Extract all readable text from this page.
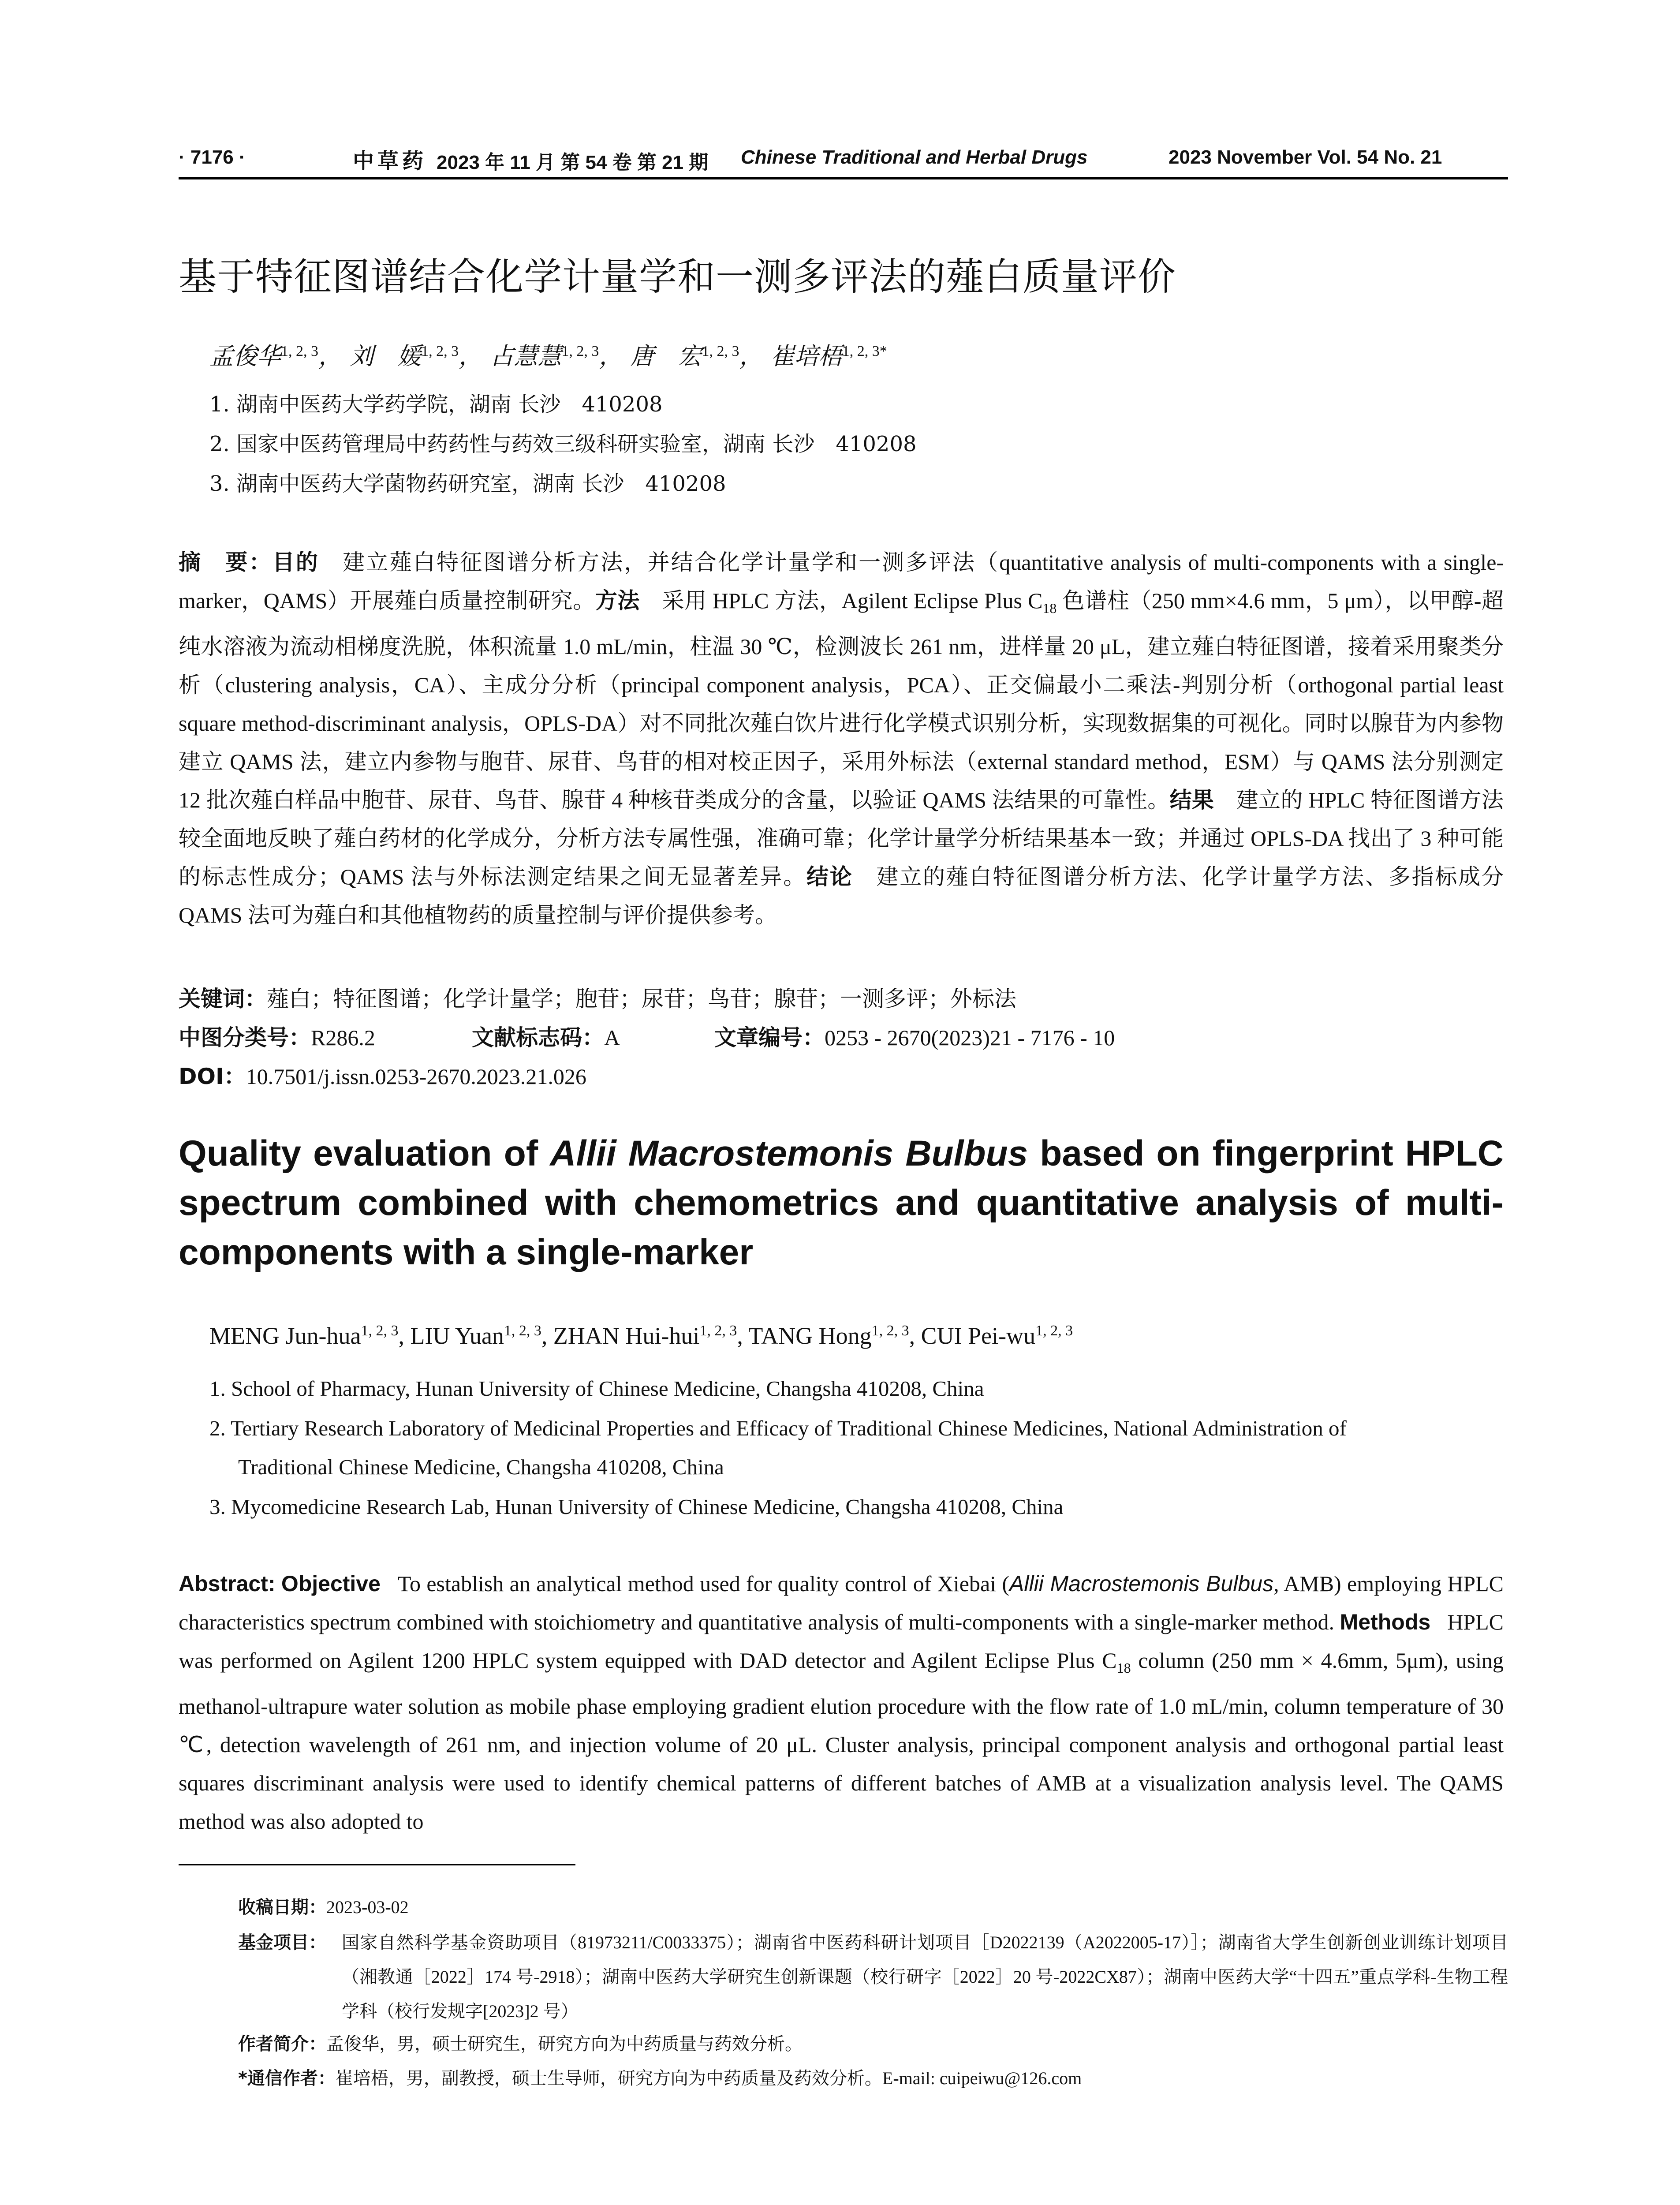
· 7176 ·	中草药 2023 年 11 月 第 54 卷 第 21 期 Chinese Traditional and Herbal Drugs	2023 November Vol. 54 No. 21
基于特征图谱结合化学计量学和一测多评法的薤白质量评价
孟俊华$^{1, 2, 3}$， 刘　媛$^{1, 2, 3}$， 占慧慧$^{1, 2, 3}$， 唐　宏$^{1, 2, 3}$， 崔培梧$^{1, 2, 3*}$
1. 湖南中医药大学药学院，湖南 长沙　410208
2. 国家中医药管理局中药药性与药效三级科研实验室，湖南 长沙　410208
3. 湖南中医药大学菌物药研究室，湖南 长沙　410208
摘　要：目的　 建立薤白特征图谱分析方法，并结合化学计量学和一测多评法（quantitative analysis of multi-components with a single-marker，QAMS）开展薤白质量控制研究。方法　 采用 HPLC 方法，Agilent Eclipse Plus $C_{18}$ 色谱柱（250 mm×4.6 mm，5 μm），以甲醇-超纯水溶液为流动相梯度洗脱，体积流量 1.0 mL/min，柱温 30 ℃，检测波长 261 nm，进样量 20 μL，建立薤白特征图谱，接着采用聚类分析（clustering analysis，CA）、主成分分析（principal component analysis，PCA）、正交偏最小二乘法-判别分析（orthogonal partial least square method-discriminant analysis，OPLS-DA）对不同批次薤白饮片进行化学模式识别分析，实现数据集的可视化。同时以腺苷为内参物建立 QAMS 法，建立内参物与胞苷、尿苷、鸟苷的相对校正因子，采用外标法（external standard method，ESM）与 QAMS 法分别测定 12 批次薤白样品中胞苷、尿苷、鸟苷、腺苷 4 种核苷类成分的含量，以验证 QAMS 法结果的可靠性。结果　 建立的 HPLC 特征图谱方法较全面地反映了薤白药材的化学成分，分析方法专属性强，准确可靠；化学计量学分析结果基本一致；并通过 OPLS-DA 找出了 3 种可能的标志性成分；QAMS 法与外标法测定结果之间无显著差异。结论　 建立的薤白特征图谱分析方法、化学计量学方法、多指标成分 QAMS 法可为薤白和其他植物药的质量控制与评价提供参考。
关键词：薤白；特征图谱；化学计量学；胞苷；尿苷；鸟苷；腺苷；一测多评；外标法
中图分类号：R286.2	文献标志码：A	文章编号：0253 - 2670(2023)21 - 7176 - 10
DOI：10.7501/j.issn.0253-2670.2023.21.026
Quality evaluation of Allii Macrostemonis Bulbus based on fingerprint HPLC spectrum combined with chemometrics and quantitative analysis of multi-components with a single-marker
MENG Jun-hua$^{1, 2, 3}$, LIU Yuan$^{1, 2, 3}$, ZHAN Hui-hui$^{1, 2, 3}$, TANG Hong$^{1, 2, 3}$, CUI Pei-wu$^{1, 2, 3}$
1. School of Pharmacy, Hunan University of Chinese Medicine, Changsha 410208, China
2. Tertiary Research Laboratory of Medicinal Properties and Efficacy of Traditional Chinese Medicines, National Administration of
Traditional Chinese Medicine, Changsha 410208, China
3. Mycomedicine Research Lab, Hunan University of Chinese Medicine, Changsha 410208, China
Abstract: Objective To establish an analytical method used for quality control of Xiebai (Allii Macrostemonis Bulbus, AMB) employing HPLC characteristics spectrum combined with stoichiometry and quantitative analysis of multi-components with a single-marker method. Methods HPLC was performed on Agilent 1200 HPLC system equipped with DAD detector and Agilent Eclipse Plus $C_{18}$ column (250 mm × 4.6mm, 5μm), using methanol-ultrapure water solution as mobile phase employing gradient elution procedure with the flow rate of 1.0 mL/min, column temperature of 30 ℃, detection wavelength of 261 nm, and injection volume of 20 μL. Cluster analysis, principal component analysis and orthogonal partial least squares discriminant analysis were used to identify chemical patterns of different batches of AMB at a visualization analysis level. The QAMS method was also adopted to
收稿日期：2023-03-02
基金项目： 国家自然科学基金资助项目（81973211/C0033375）；湖南省中医药科研计划项目［D2022139（A2022005-17）］；湖南省大学生创新创业训练计划项目（湘教通［2022］174 号-2918）；湖南中医药大学研究生创新课题（校行研字［2022］20 号-2022CX87）；湖南中医药大学“十四五”重点学科-生物工程学科（校行发规字[2023]2 号）
作者简介：孟俊华，男，硕士研究生，研究方向为中药质量与药效分析。
*通信作者：崔培梧，男，副教授，硕士生导师，研究方向为中药质量及药效分析。E-mail: cuipeiwu@126.com
